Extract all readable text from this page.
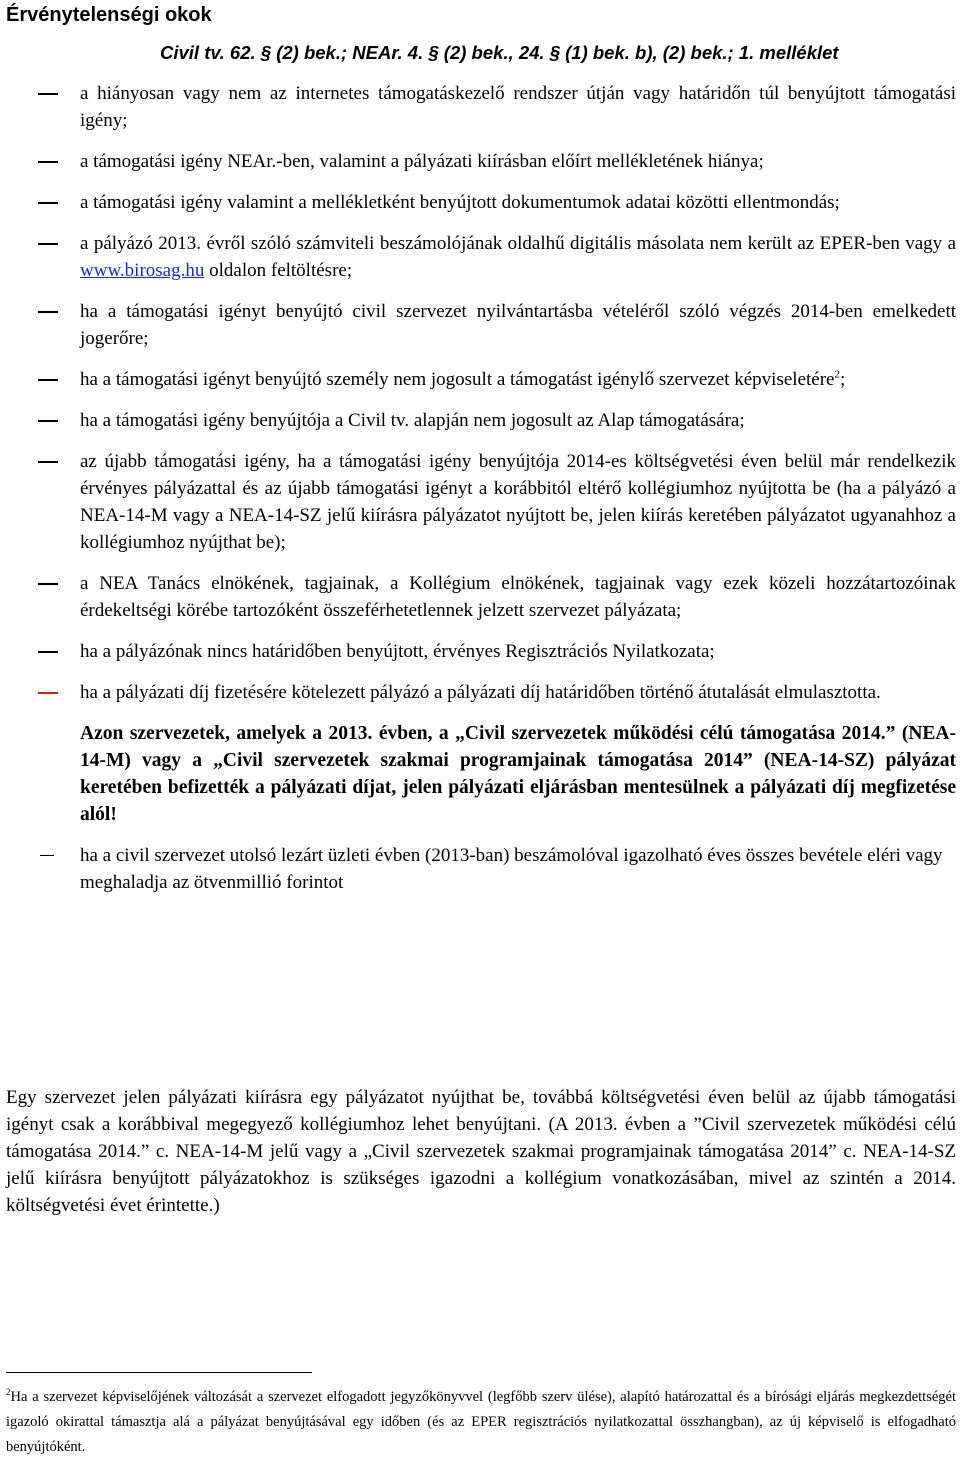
Érvénytelenségi okok

Civil tv. 62. § (2) bek.; NEAr. 4. § (2) bek., 24. § (1) bek. b), (2) bek.; 1. melléklet

a hiányosan vagy nem az internetes támogatáskezelő rendszer útján vagy határidőn túl benyújtott támogatási igény;

a támogatási igény NEAr.-ben, valamint a pályázati kiírásban előírt mellékletének hiánya;

a támogatási igény valamint a mellékletként benyújtott dokumentumok adatai közötti ellentmondás;

a pályázó 2013. évről szóló számviteli beszámolójának oldalhű digitális másolata nem került az EPER-ben vagy a www.birosag.hu oldalon feltöltésre;

ha a támogatási igényt benyújtó civil szervezet nyilvántartásba vételéről szóló végzés 2014-ben emelkedett jogerőre;

ha a támogatási igényt benyújtó személy nem jogosult a támogatást igénylő szervezet képviseletére$^2$;

ha a támogatási igény benyújtója a Civil tv. alapján nem jogosult az Alap támogatására;

az újabb támogatási igény, ha a támogatási igény benyújtója 2014-es költségvetési éven belül már rendelkezik érvényes pályázattal és az újabb támogatási igényt a korábbitól eltérő kollégiumhoz nyújtotta be (ha a pályázó a NEA-14-M vagy a NEA-14-SZ jelű kiírásra pályázatot nyújtott be, jelen kiírás keretében pályázatot ugyanahhoz a kollégiumhoz nyújthat be);

a NEA Tanács elnökének, tagjainak, a Kollégium elnökének, tagjainak vagy ezek közeli hozzátartozóinak érdekeltségi körébe tartozóként összeférhetetlennek jelzett szervezet pályázata;

ha a pályázónak nincs határidőben benyújtott, érvényes Regisztrációs Nyilatkozata;

ha a pályázati díj fizetésére kötelezett pályázó a pályázati díj határidőben történő átutalását elmulasztotta.

Azon szervezetek, amelyek a 2013. évben, a „Civil szervezetek működési célú támogatása 2014.” (NEA-14-M) vagy a „Civil szervezetek szakmai programjainak támogatása 2014” (NEA-14-SZ) pályázat keretében befizették a pályázati díjat, jelen pályázati eljárásban mentesülnek a pályázati díj megfizetése alól!

ha a civil szervezet utolsó lezárt üzleti évben (2013-ban) beszámolóval igazolható éves összes bevétele eléri vagy meghaladja az ötvenmillió forintot

Egy szervezet jelen pályázati kiírásra egy pályázatot nyújthat be, továbbá költségvetési éven belül az újabb támogatási igényt csak a korábbival megegyező kollégiumhoz lehet benyújtani. (A 2013. évben a ”Civil szervezetek működési célú támogatása 2014.” c. NEA-14-M jelű vagy a „Civil szervezetek szakmai programjainak támogatása 2014” c. NEA-14-SZ jelű kiírásra benyújtott pályázatokhoz is szükséges igazodni a kollégium vonatkozásában, mivel az szintén a 2014. költségvetési évet érintette.)

$^2$Ha a szervezet képviselőjének változását a szervezet elfogadott jegyzőkönyvvel (legfőbb szerv ülése), alapító határozattal és a bírósági eljárás megkezdettségét igazoló okirattal támasztja alá a pályázat benyújtásával egy időben (és az EPER regisztrációs nyilatkozattal összhangban), az új képviselő is elfogadható benyújtóként.
